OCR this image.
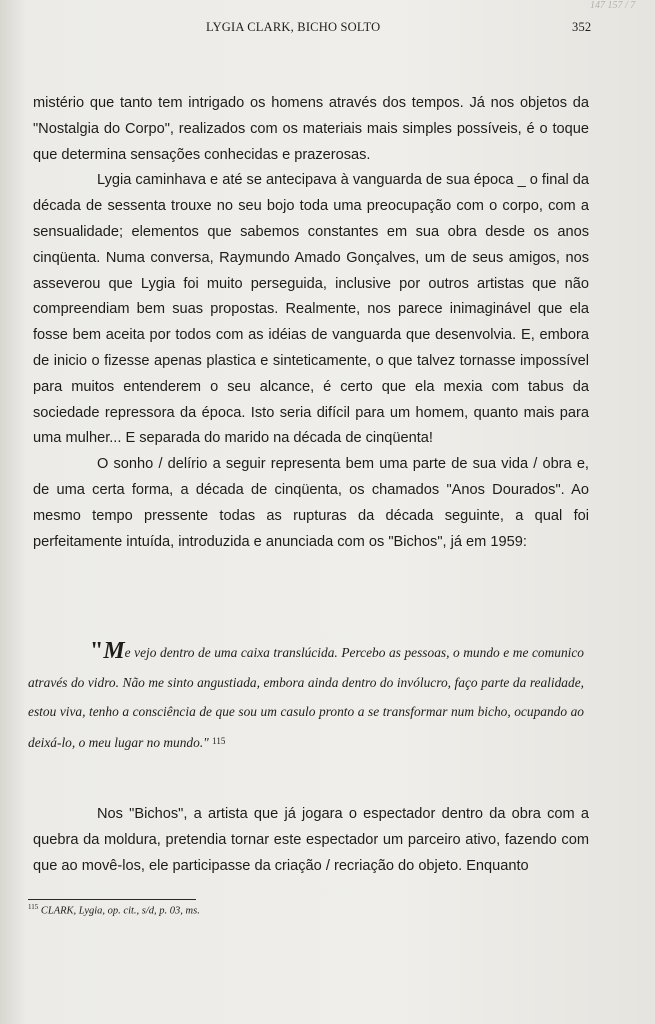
147 157 / 7
LYGIA CLARK, BICHO SOLTO	352

mistério que tanto tem intrigado os homens através dos tempos. Já nos objetos da "Nostalgia do Corpo", realizados com os materiais mais simples possíveis, é o toque que determina sensações conhecidas e prazerosas.

Lygia caminhava e até se antecipava à vanguarda de sua época _ o final da década de sessenta trouxe no seu bojo toda uma preocupação com o corpo, com a sensualidade; elementos que sabemos constantes em sua obra desde os anos cinqüenta. Numa conversa, Raymundo Amado Gonçalves, um de seus amigos, nos asseverou que Lygia foi muito perseguida, inclusive por outros artistas que não compreendiam bem suas propostas. Realmente, nos parece inimaginável que ela fosse bem aceita por todos com as idéias de vanguarda que desenvolvia. E, embora de inicio o fizesse apenas plastica e sinteticamente, o que talvez tornasse impossível para muitos entenderem o seu alcance, é certo que ela mexia com tabus da sociedade repressora da época. Isto seria difícil para um homem, quanto mais para uma mulher... E separada do marido na década de cinqüenta!

O sonho / delírio a seguir representa bem uma parte de sua vida / obra e, de uma certa forma, a década de cinqüenta, os chamados "Anos Dourados". Ao mesmo tempo pressente todas as rupturas da década seguinte, a qual foi perfeitamente intuída, introduzida e anunciada com os "Bichos", já em 1959:

"Me vejo dentro de uma caixa translúcida. Percebo as pessoas, o mundo e me comunico através do vidro. Não me sinto angustiada, embora ainda dentro do invólucro, faço parte da realidade, estou viva, tenho a consciência de que sou um casulo pronto a se transformar num bicho, ocupando ao deixá-lo, o meu lugar no mundo." $^{115}$

Nos "Bichos", a artista que já jogara o espectador dentro da obra com a quebra da moldura, pretendia tornar este espectador um parceiro ativo, fazendo com que ao movê-los, ele participasse da criação / recriação do objeto. Enquanto

$^{115}$ CLARK, Lygia, op. cit., s/d, p. 03, ms.
